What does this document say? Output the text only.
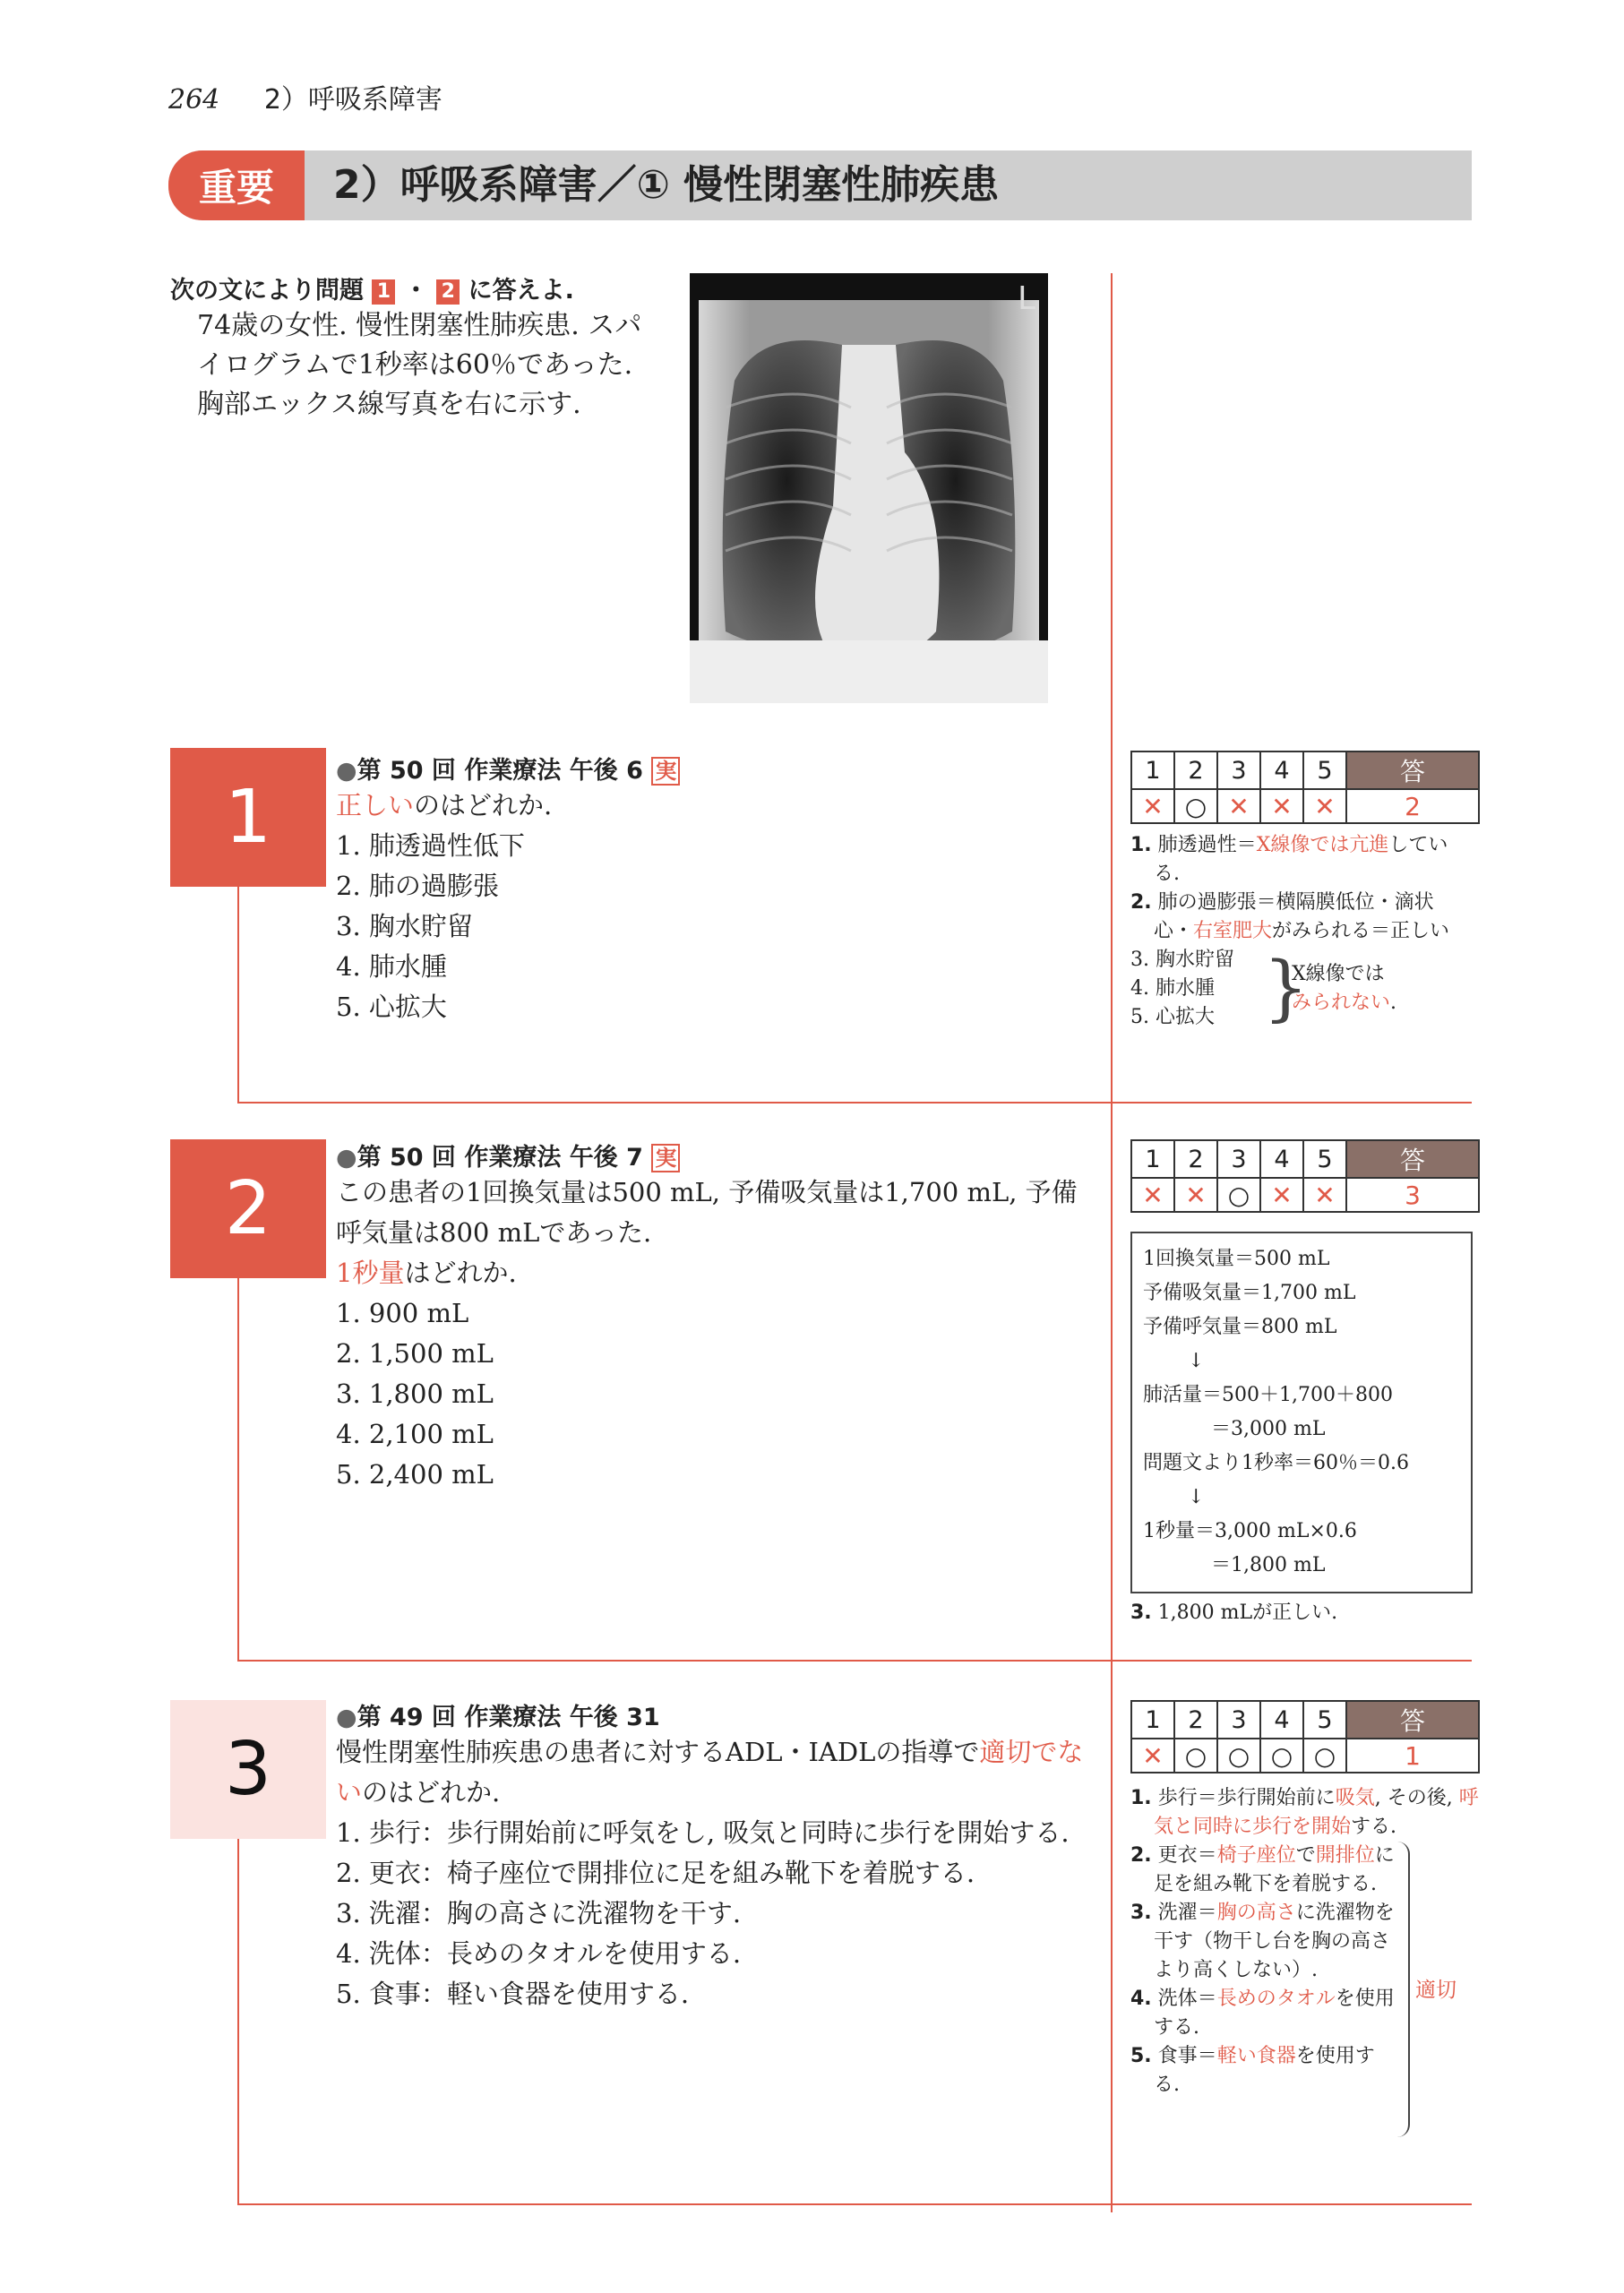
264 2）呼吸系障害
重要	2）呼吸系障害／① 慢性閉塞性肺疾患
次の文により問題 1 ・ 2 に答えよ.
74歳の女性. 慢性閉塞性肺疾患. スパイログラムで1秒率は60％であった. 胸部エックス線写真を右に示す.
L
1
●第 50 回 作業療法 午後 6 実
正しいのはどれか.
1. 肺透過性低下
2. 肺の過膨張
3. 胸水貯留
4. 肺水腫
5. 心拡大
1	2	3	4	5	答
✕	○	✕	✕	✕	2
1. 肺透過性＝X線像では亢進している.
2. 肺の過膨張＝横隔膜低位・滴状心・右室肥大がみられる＝正しい
3. 胸水貯留
4. 肺水腫
5. 心拡大 }
X線像では
みられない.
2
●第 50 回 作業療法 午後 7 実
この患者の1回換気量は500 mL, 予備吸気量は1,700 mL, 予備呼気量は800 mLであった.
1秒量はどれか.
1. 900 mL
2. 1,500 mL
3. 1,800 mL
4. 2,100 mL
5. 2,400 mL
1	2	3	4	5	答
✕	✕	○	✕	✕	3
1回換気量＝500 mL
予備吸気量＝1,700 mL
予備呼気量＝800 mL
↓
肺活量＝500＋1,700＋800
＝3,000 mL
問題文より1秒率＝60％＝0.6
↓
1秒量＝3,000 mL×0.6
＝1,800 mL
3. 1,800 mLが正しい.
3
●第 49 回 作業療法 午後 31
慢性閉塞性肺疾患の患者に対するADL・IADLの指導で適切でないのはどれか.
1. 歩行：歩行開始前に呼気をし, 吸気と同時に歩行を開始する.
2. 更衣：椅子座位で開排位に足を組み靴下を着脱する.
3. 洗濯：胸の高さに洗濯物を干す.
4. 洗体：長めのタオルを使用する.
5. 食事：軽い食器を使用する.
1	2	3	4	5	答
✕	○	○	○	○	1
1. 歩行＝歩行開始前に吸気, その後, 呼気と同時に歩行を開始する.
2. 更衣＝椅子座位で開排位に足を組み靴下を着脱する.
3. 洗濯＝胸の高さに洗濯物を干す（物干し台を胸の高さより高くしない）.
4. 洗体＝長めのタオルを使用する.
5. 食事＝軽い食器を使用する.
適切
